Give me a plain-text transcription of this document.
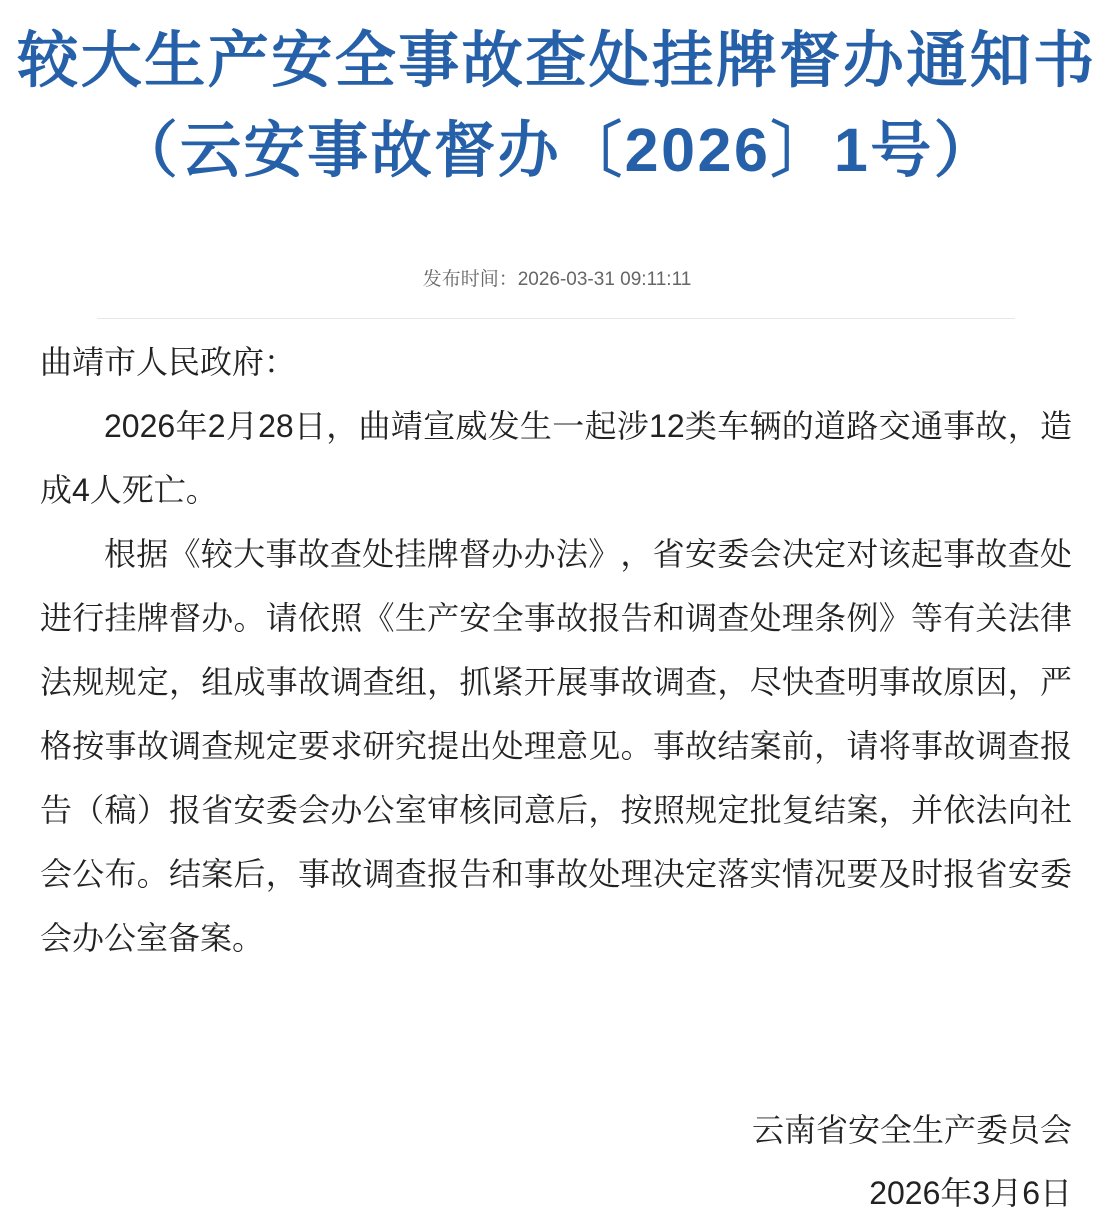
较大生产安全事故查处挂牌督办通知书
（云安事故督办〔2026〕1号）
发布时间：2026-03-31 09:11:11

曲靖市人民政府：

2026年2月28日，曲靖宣威发生一起涉12类车辆的道路交通事故，造成4人死亡。

根据《较大事故查处挂牌督办办法》，省安委会决定对该起事故查处进行挂牌督办。请依照《生产安全事故报告和调查处理条例》等有关法律法规规定，组成事故调查组，抓紧开展事故调查，尽快查明事故原因，严格按事故调查规定要求研究提出处理意见。事故结案前，请将事故调查报告（稿）报省安委会办公室审核同意后，按照规定批复结案，并依法向社会公布。结案后，事故调查报告和事故处理决定落实情况要及时报省安委会办公室备案。

云南省安全生产委员会
2026年3月6日
